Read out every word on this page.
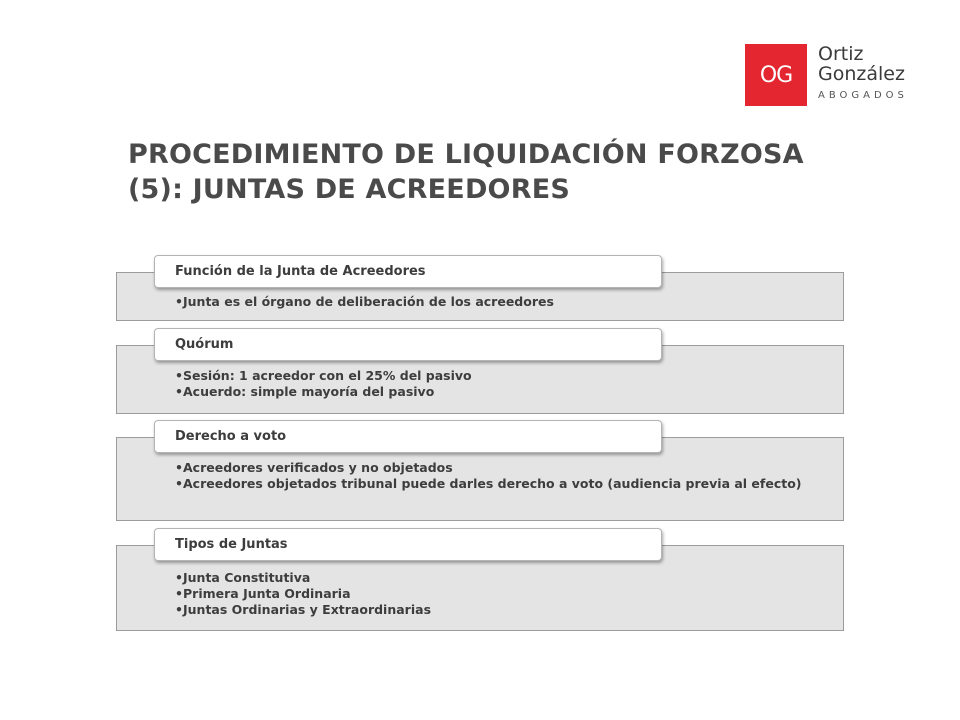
OG
Ortiz
González
ABOGADOS
PROCEDIMIENTO DE LIQUIDACIÓN FORZOSA (5): JUNTAS DE ACREEDORES
• Junta es el órgano de deliberación de los acreedores
Función de la Junta de Acreedores
• Sesión: 1 acreedor con el 25% del pasivo
• Acuerdo: simple mayoría del pasivo
Quórum
• Acreedores verificados y no objetados
• Acreedores objetados tribunal puede darles derecho a voto (audiencia previa al efecto)
Derecho a voto
• Junta Constitutiva
• Primera Junta Ordinaria
• Juntas Ordinarias y Extraordinarias
Tipos de Juntas
